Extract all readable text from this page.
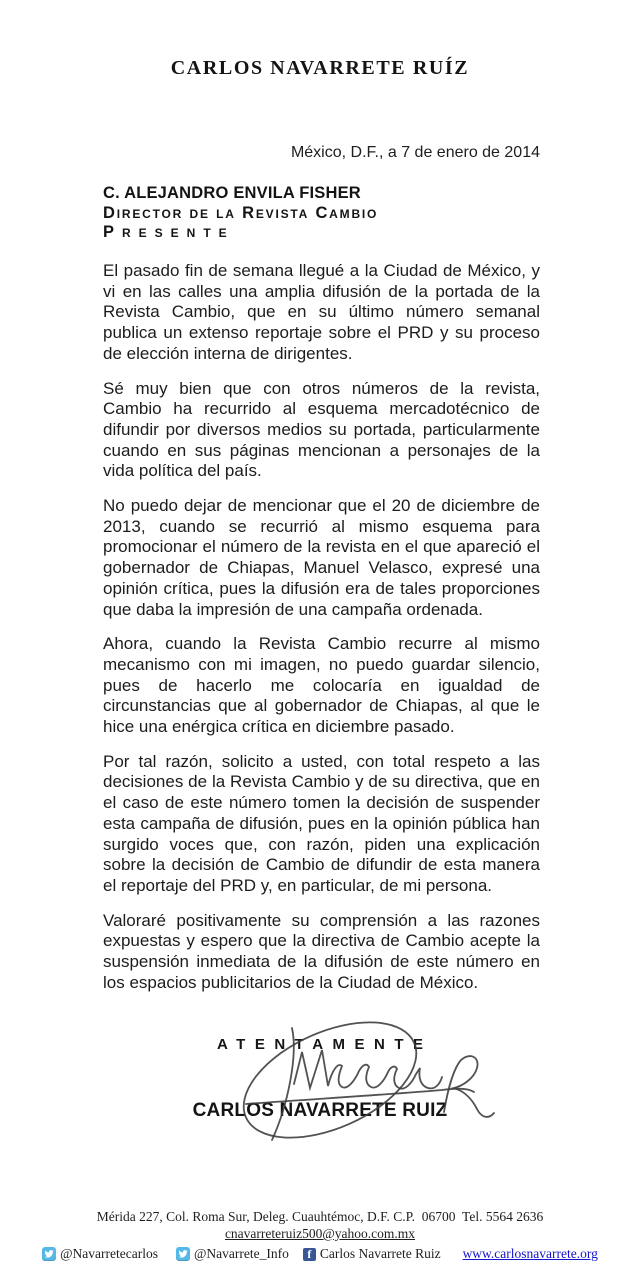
CARLOS NAVARRETE RUÍZ
México, D.F., a 7 de enero de 2014
C. ALEJANDRO ENVILA FISHER
Director de la Revista Cambio
Presente

El pasado fin de semana llegué a la Ciudad de México, y vi en las calles una amplia difusión de la portada de la Revista Cambio, que en su último número semanal publica un extenso reportaje sobre el PRD y su proceso de elección interna de dirigentes.

Sé muy bien que con otros números de la revista, Cambio ha recurrido al esquema mercadotécnico de difundir por diversos medios su portada, particularmente cuando en sus páginas mencionan a personajes de la vida política del país.

No puedo dejar de mencionar que el 20 de diciembre de 2013, cuando se recurrió al mismo esquema para promocionar el número de la revista en el que apareció el gobernador de Chiapas, Manuel Velasco, expresé una opinión crítica, pues la difusión era de tales proporciones que daba la impresión de una campaña ordenada.

Ahora, cuando la Revista Cambio recurre al mismo mecanismo con mi imagen, no puedo guardar silencio, pues de hacerlo me colocaría en igualdad de circunstancias que al gobernador de Chiapas, al que le hice una enérgica crítica en diciembre pasado.

Por tal razón, solicito a usted, con total respeto a las decisiones de la Revista Cambio y de su directiva, que en el caso de este número tomen la decisión de suspender esta campaña de difusión, pues en la opinión pública han surgido voces que, con razón, piden una explicación sobre la decisión de Cambio de difundir de esta manera el reportaje del PRD y, en particular, de mi persona.

Valoraré positivamente su comprensión a las razones expuestas y espero que la directiva de Cambio acepte la suspensión inmediata de la difusión de este número en los espacios publicitarios de la Ciudad de México.

ATENTAMENTE
CARLOS NAVARRETE RUIZ
Mérida 227, Col. Roma Sur, Deleg. Cuauhtémoc, D.F. C.P.  06700  Tel. 5564 2636
cnavarreteruiz500@yahoo.com.mx
@Navarretecarlos	@Navarrete_Info	f Carlos Navarrete Ruiz www.carlosnavarrete.org
